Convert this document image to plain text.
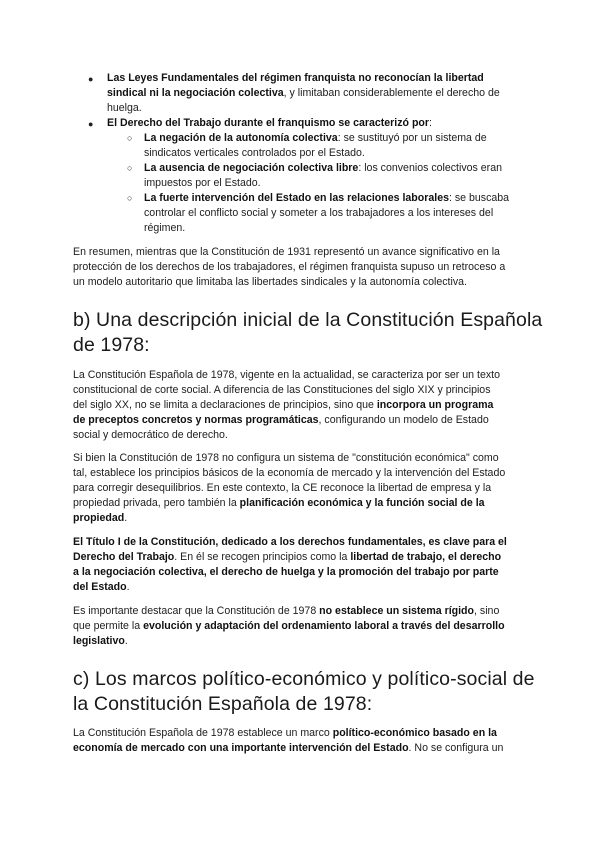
● Las Leyes Fundamentales del régimen franquista no reconocían la libertad

sindical ni la negociación colectiva, y limitaban considerablemente el derecho de

huelga.

● El Derecho del Trabajo durante el franquismo se caracterizó por:

○ La negación de la autonomía colectiva: se sustituyó por un sistema de

sindicatos verticales controlados por el Estado.

○ La ausencia de negociación colectiva libre: los convenios colectivos eran

impuestos por el Estado.

○ La fuerte intervención del Estado en las relaciones laborales: se buscaba

controlar el conflicto social y someter a los trabajadores a los intereses del

régimen.

En resumen, mientras que la Constitución de 1931 representó un avance significativo en la

protección de los derechos de los trabajadores, el régimen franquista supuso un retroceso a

un modelo autoritario que limitaba las libertades sindicales y la autonomía colectiva.

b) Una descripción inicial de la Constitución Española
de 1978:

La Constitución Española de 1978, vigente en la actualidad, se caracteriza por ser un texto

constitucional de corte social. A diferencia de las Constituciones del siglo XIX y principios

del siglo XX, no se limita a declaraciones de principios, sino que incorpora un programa

de preceptos concretos y normas programáticas, configurando un modelo de Estado

social y democrático de derecho.

Si bien la Constitución de 1978 no configura un sistema de "constitución económica" como

tal, establece los principios básicos de la economía de mercado y la intervención del Estado

para corregir desequilibrios. En este contexto, la CE reconoce la libertad de empresa y la

propiedad privada, pero también la planificación económica y la función social de la

propiedad.

El Título I de la Constitución, dedicado a los derechos fundamentales, es clave para el

Derecho del Trabajo. En él se recogen principios como la libertad de trabajo, el derecho

a la negociación colectiva, el derecho de huelga y la promoción del trabajo por parte

del Estado.

Es importante destacar que la Constitución de 1978 no establece un sistema rígido, sino

que permite la evolución y adaptación del ordenamiento laboral a través del desarrollo

legislativo.

c) Los marcos político-económico y político-social de
la Constitución Española de 1978:

La Constitución Española de 1978 establece un marco político-económico basado en la

economía de mercado con una importante intervención del Estado. No se configura un
